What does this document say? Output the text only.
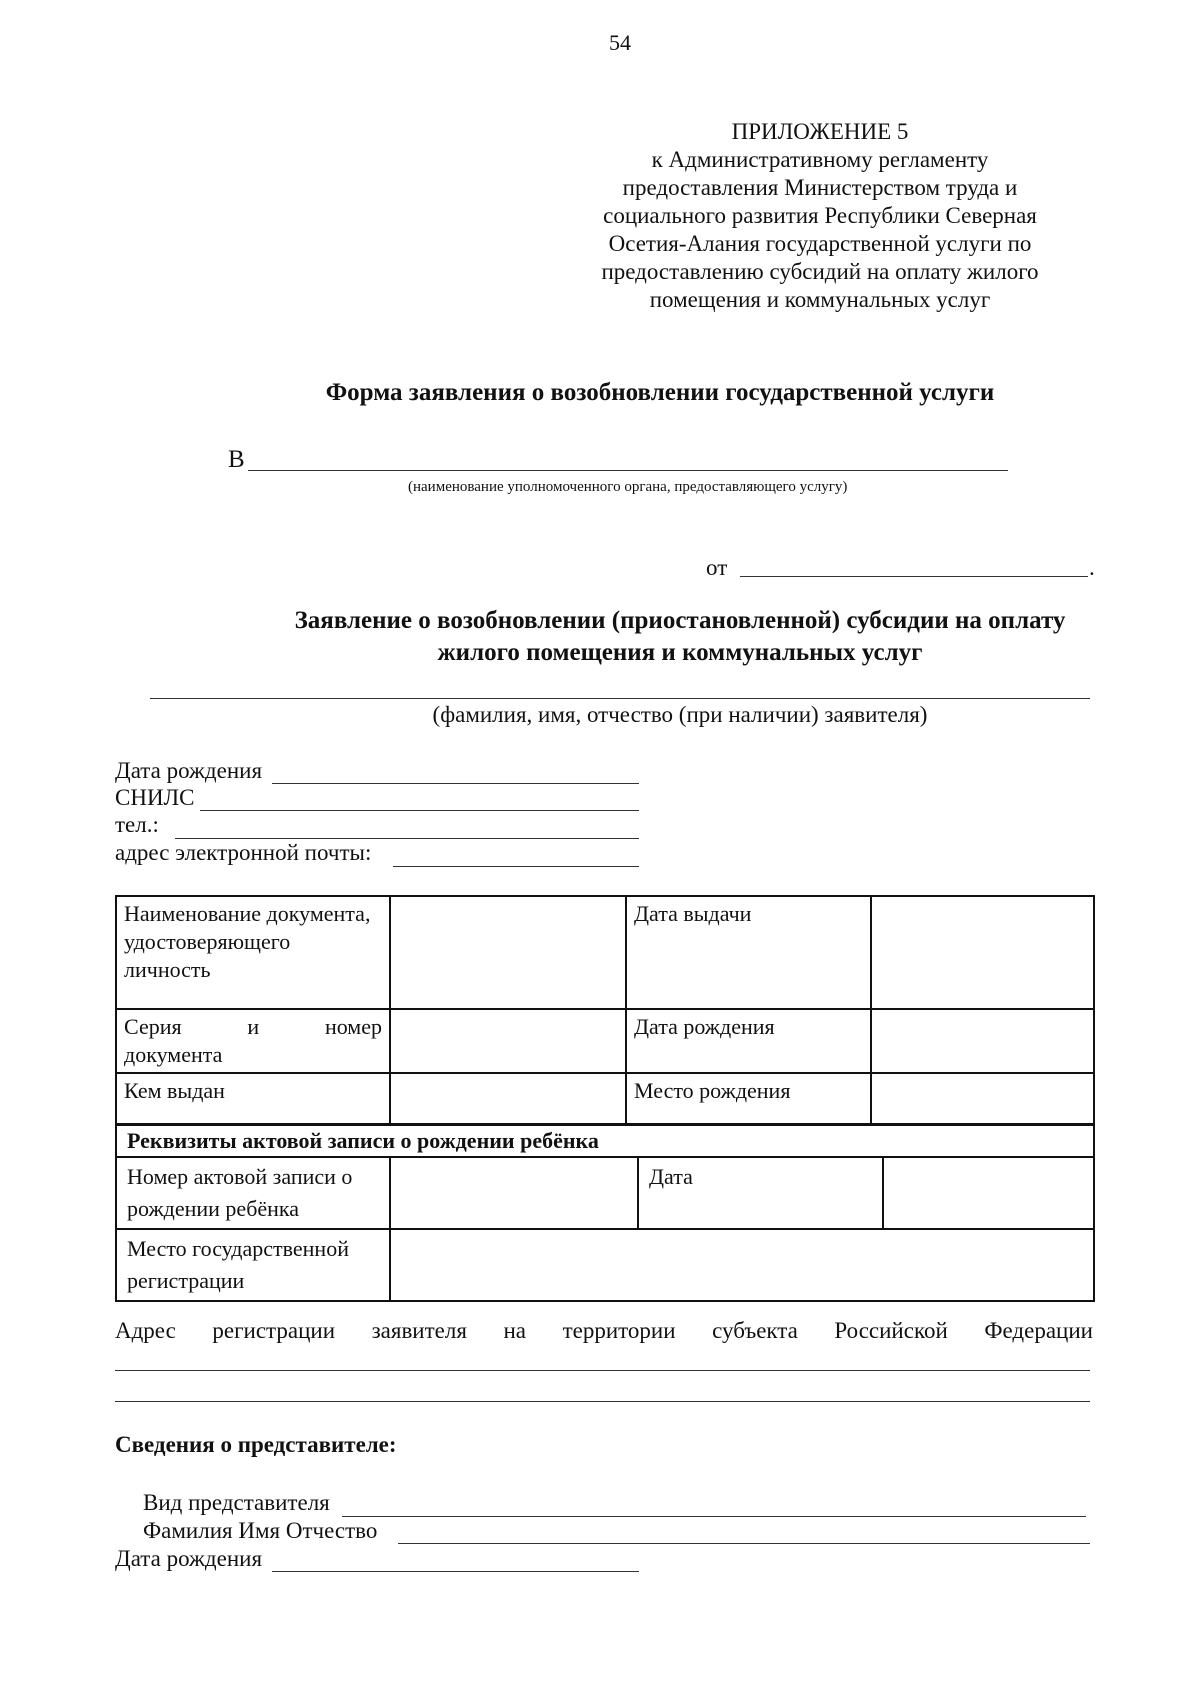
54
ПРИЛОЖЕНИЕ 5
к Административному регламенту
предоставления Министерством труда и
социального развития Республики Северная
Осетия-Алания государственной услуги по
предоставлению субсидий на оплату жилого
помещения и коммунальных услуг
Форма заявления о возобновлении государственной услуги
В
(наименование уполномоченного органа, предоставляющего услугу)
от	.
Заявление о возобновлении (приостановленной) субсидии на оплату
жилого помещения и коммунальных услуг
(фамилия, имя, отчество (при наличии) заявителя)
Дата рождения
СНИЛС
тел.:
адрес электронной почты:
Наименование документа, удостоверяющего личность		Дата выдачи	

Серия и номер
документа		Дата рождения	
Кем выдан		Место рождения	
Реквизиты актовой записи о рождении ребёнка			
Номер актовой записи о рождении ребёнка		Дата	
Место государственной регистрации			
Адрес регистрации заявителя на территории субъекта Российской Федерации
Сведения о представителе:
Вид представителя
Фамилия Имя Отчество
Дата рождения
